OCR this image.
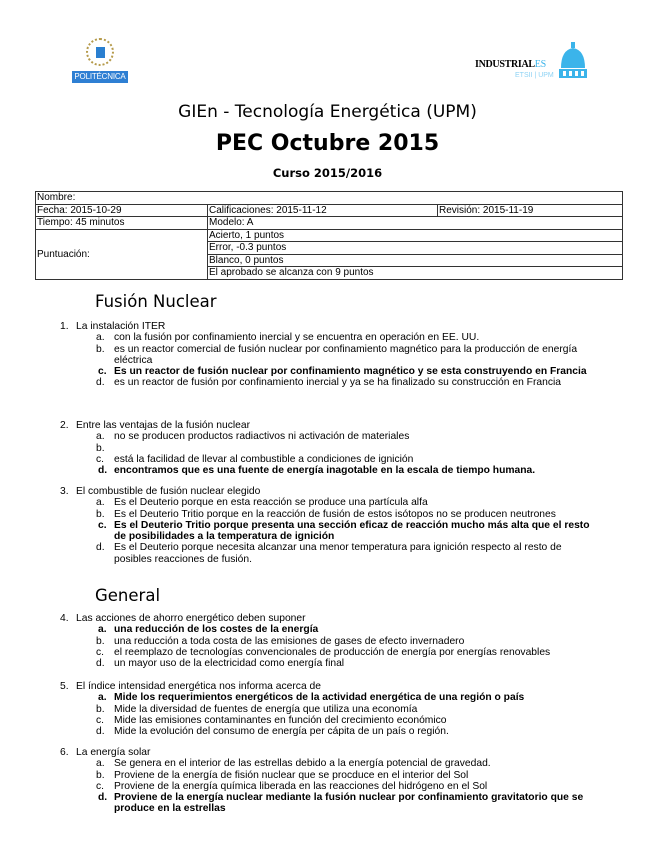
POLITÉCNICA
INDUSTRIALES
ETSII | UPM
GIEn - Tecnología Energética (UPM)
PEC Octubre 2015
Curso 2015/2016
Nombre:		
Fecha: 2015-10-29	Calificaciones: 2015-11-12	Revisión: 2015-11-19
Tiempo: 45 minutos	Modelo: A	
Puntuación:	Acierto, 1 puntos	
	Error, -0.3 puntos	
	Blanco, 0 puntos	
	El aprobado se alcanza con 9 puntos	
Fusión Nuclear
1. La instalación ITER
a. con la fusión por confinamiento inercial y se encuentra en operación en EE. UU.
b. es un reactor comercial de fusión nuclear por confinamiento magnético para la producción de energía eléctrica
c. Es un reactor de fusión nuclear por confinamiento magnético y se esta construyendo en Francia
d. es un reactor de fusión por confinamiento inercial y ya se ha finalizado su construcción en Francia
2. Entre las ventajas de la fusión nuclear
a. no se producen productos radiactivos ni activación de materiales
b.
c. está la facilidad de llevar al combustible a condiciones de ignición
d. encontramos que es una fuente de energía inagotable en la escala de tiempo humana.
3. El combustible de fusión nuclear elegido
a. Es el Deuterio porque en esta reacción se produce una partícula alfa
b. Es el Deuterio Tritio porque en la reacción de fusión de estos isótopos no se producen neutrones
c. Es el Deuterio Tritio porque presenta una sección eficaz de reacción mucho más alta que el resto de posibilidades a la temperatura de ignición
d. Es el Deuterio porque necesita alcanzar una menor temperatura para ignición respecto al resto de posibles reacciones de fusión.
General
4. Las acciones de ahorro energético deben suponer
a. una reducción de los costes de la energía
b. una reducción a toda costa de las emisiones de gases de efecto invernadero
c. el reemplazo de tecnologías convencionales de producción de energía por energías renovables
d. un mayor uso de la electricidad como energía final
5. El índice intensidad energética nos informa acerca de
a. Mide los requerimientos energéticos de la actividad energética de una región o país
b. Mide la diversidad de fuentes de energía que utiliza una economía
c. Mide las emisiones contaminantes en función del crecimiento económico
d. Mide la evolución del consumo de energía per cápita de un país o región.
6. La energía solar
a. Se genera en el interior de las estrellas debido a la energía potencial de gravedad.
b. Proviene de la energía de fisión nuclear que se procduce en el interior del Sol
c. Proviene de la energía química liberada en las reacciones del hidrógeno en el Sol
d. Proviene de la energía nuclear mediante la fusión nuclear por confinamiento gravitatorio que se produce en la estrellas
